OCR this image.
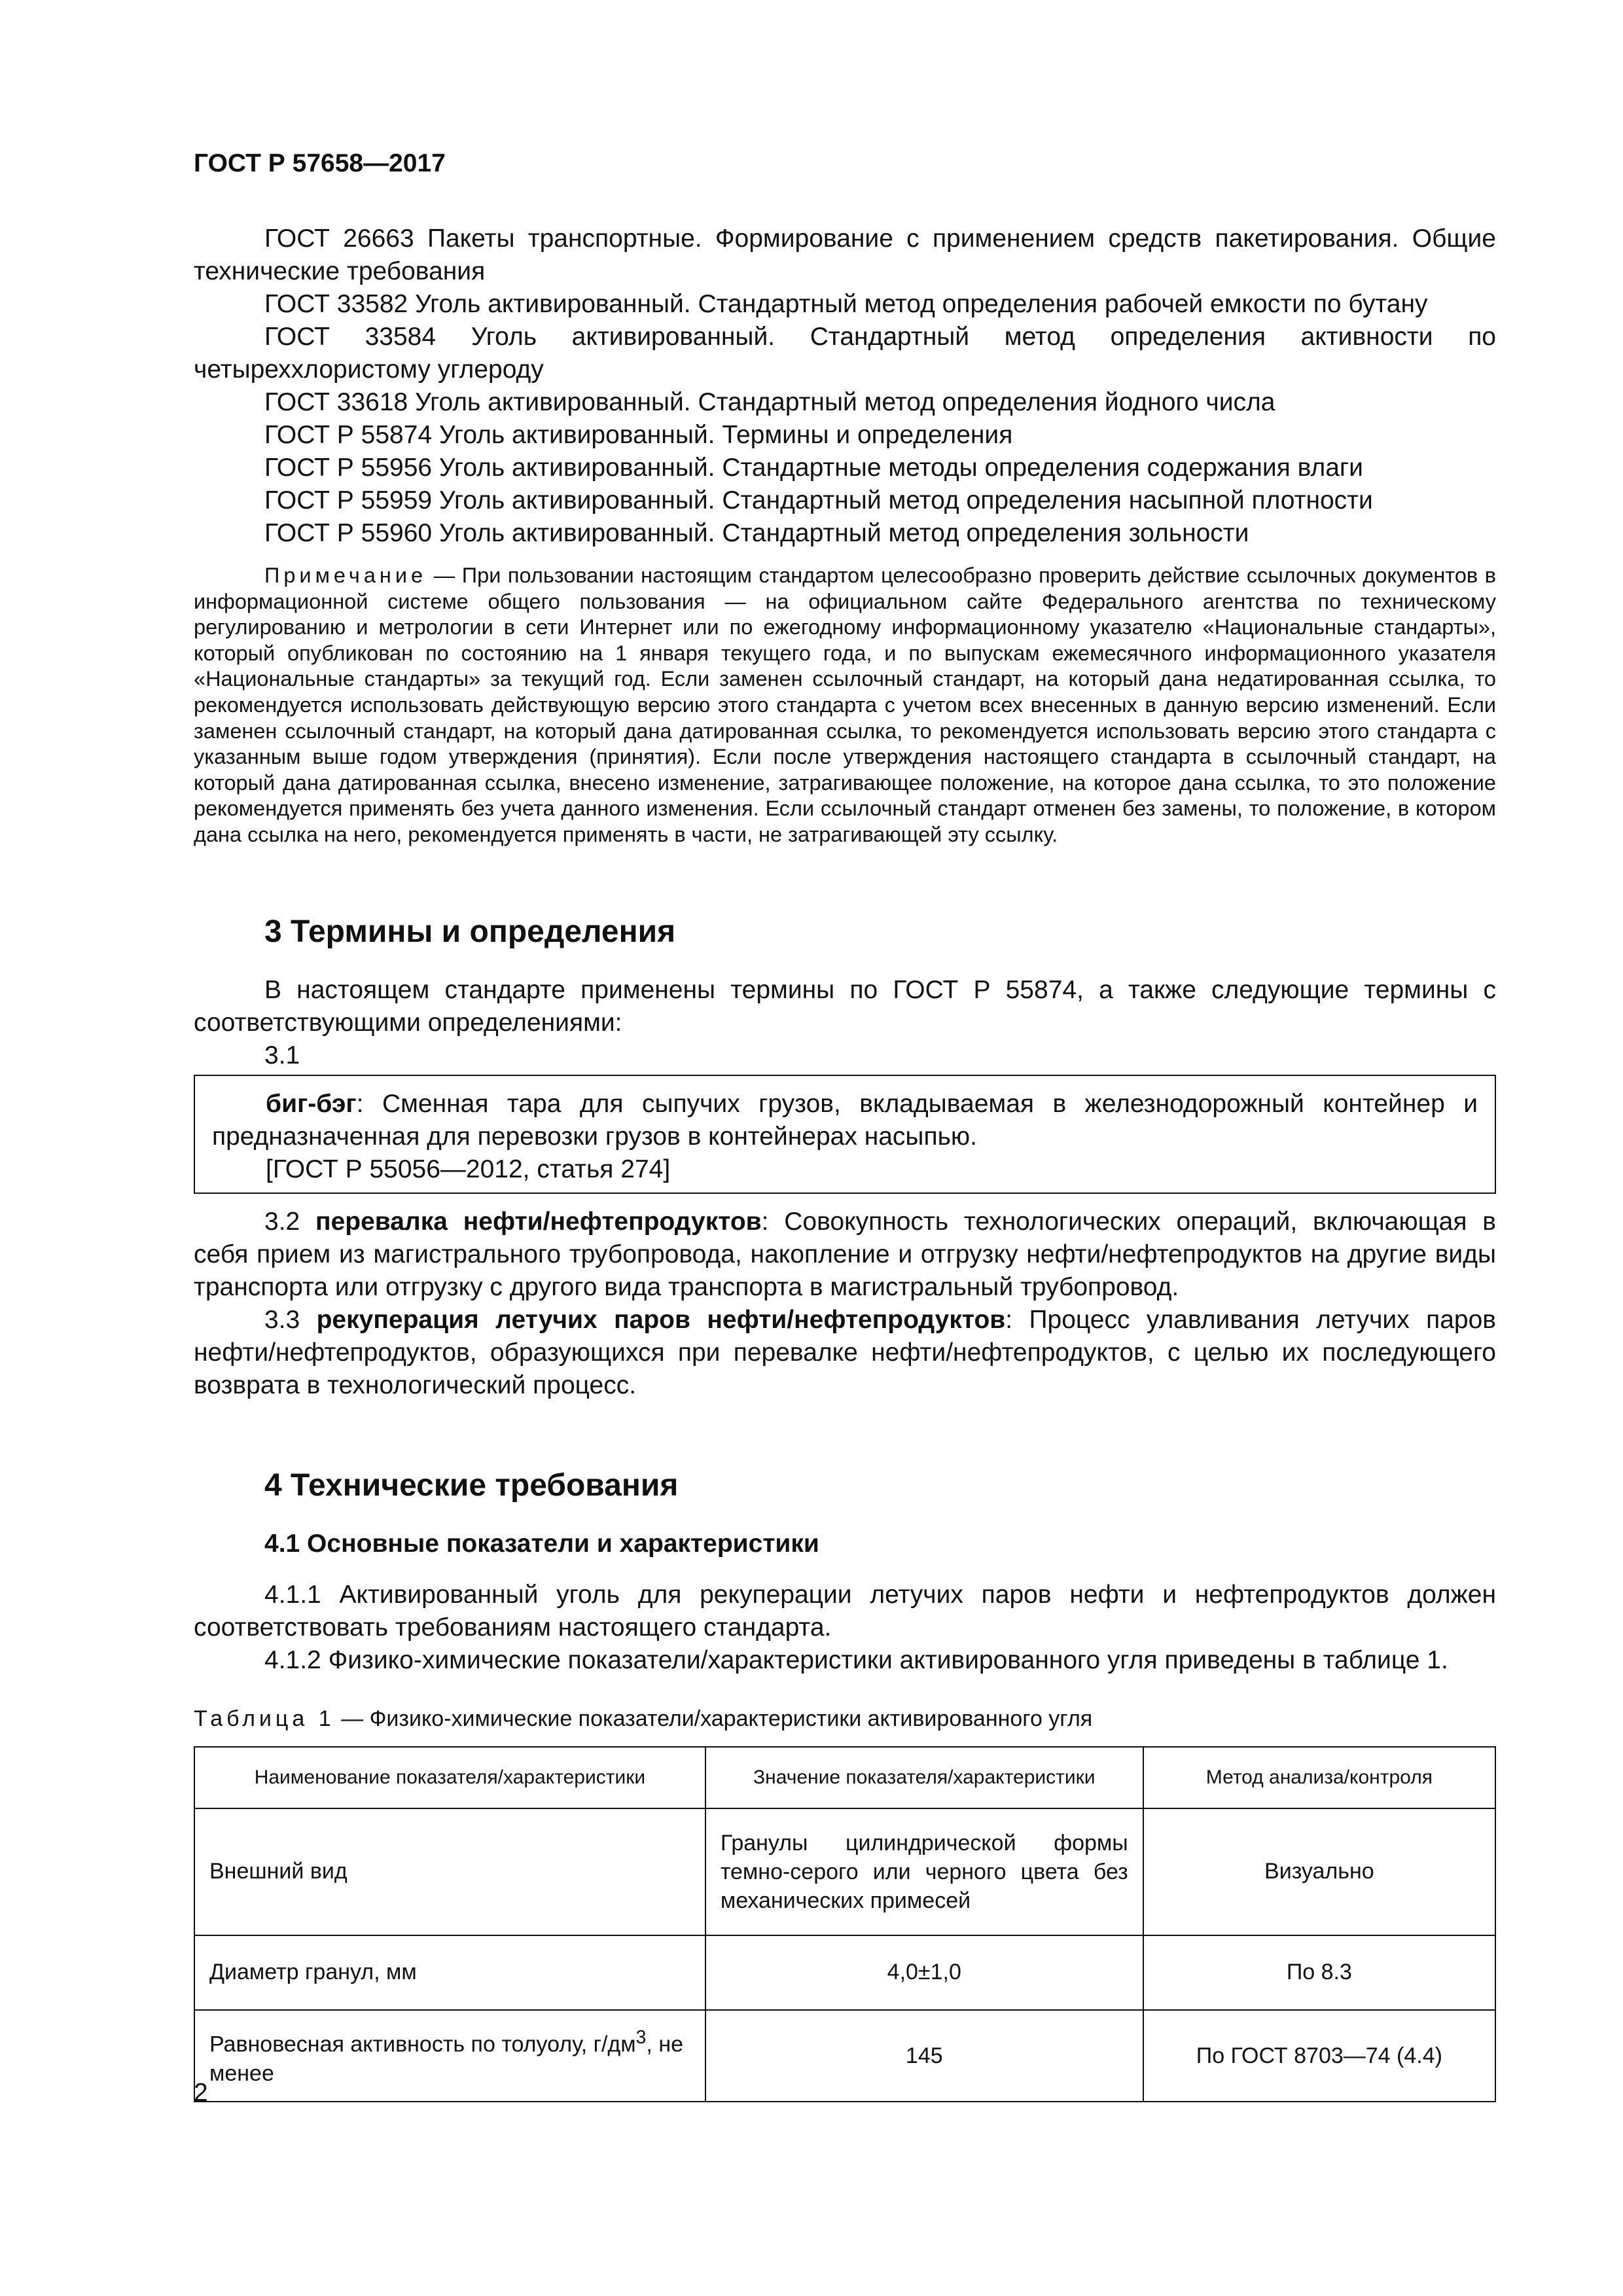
ГОСТ Р 57658—2017

ГОСТ 26663 Пакеты транспортные. Формирование с применением средств пакетирования. Общие технические требования

ГОСТ 33582 Уголь активированный. Стандартный метод определения рабочей емкости по бутану

ГОСТ 33584 Уголь активированный. Стандартный метод определения активности по четыреххлористому углероду

ГОСТ 33618 Уголь активированный. Стандартный метод определения йодного числа

ГОСТ Р 55874 Уголь активированный. Термины и определения

ГОСТ Р 55956 Уголь активированный. Стандартные методы определения содержания влаги

ГОСТ Р 55959 Уголь активированный. Стандартный метод определения насыпной плотности

ГОСТ Р 55960 Уголь активированный. Стандартный метод определения зольности

Примечание — При пользовании настоящим стандартом целесообразно проверить действие ссылочных документов в информационной системе общего пользования — на официальном сайте Федерального агентства по техническому регулированию и метрологии в сети Интернет или по ежегодному информационному указателю «Национальные стандарты», который опубликован по состоянию на 1 января текущего года, и по выпускам ежемесячного информационного указателя «Национальные стандарты» за текущий год. Если заменен ссылочный стандарт, на который дана недатированная ссылка, то рекомендуется использовать действующую версию этого стандарта с учетом всех внесенных в данную версию изменений. Если заменен ссылочный стандарт, на который дана датированная ссылка, то рекомендуется использовать версию этого стандарта с указанным выше годом утверждения (принятия). Если после утверждения настоящего стандарта в ссылочный стандарт, на который дана датированная ссылка, внесено изменение, затрагивающее положение, на которое дана ссылка, то это положение рекомендуется применять без учета данного изменения. Если ссылочный стандарт отменен без замены, то положение, в котором дана ссылка на него, рекомендуется применять в части, не затрагивающей эту ссылку.

3 Термины и определения

В настоящем стандарте применены термины по ГОСТ Р 55874, а также следующие термины с соответствующими определениями:

3.1

биг-бэг: Сменная тара для сыпучих грузов, вкладываемая в железнодорожный контейнер и предназначенная для перевозки грузов в контейнерах насыпью.

[ГОСТ Р 55056—2012, статья 274]

3.2 перевалка нефти/нефтепродуктов: Совокупность технологических операций, включающая в себя прием из магистрального трубопровода, накопление и отгрузку нефти/нефтепродуктов на другие виды транспорта или отгрузку с другого вида транспорта в магистральный трубопровод.

3.3 рекуперация летучих паров нефти/нефтепродуктов: Процесс улавливания летучих паров нефти/нефтепродуктов, образующихся при перевалке нефти/нефтепродуктов, с целью их последующего возврата в технологический процесс.

4 Технические требования
4.1 Основные показатели и характеристики

4.1.1 Активированный уголь для рекуперации летучих паров нефти и нефтепродуктов должен соответствовать требованиям настоящего стандарта.

4.1.2 Физико-химические показатели/характеристики активированного угля приведены в таблице 1.

Таблица 1 — Физико-химические показатели/характеристики активированного угля
Наименование показателя/характеристики	Значение показателя/характеристики	Метод анализа/контроля
Внешний вид	Гранулы цилиндрической формы темно-серого или черного цвета без механических примесей	Визуально
Диаметр гранул, мм	4,0±1,0	По 8.3
Равновесная активность по толуолу, $г/дм^3$, не менее	145	По ГОСТ 8703—74 (4.4)
2
